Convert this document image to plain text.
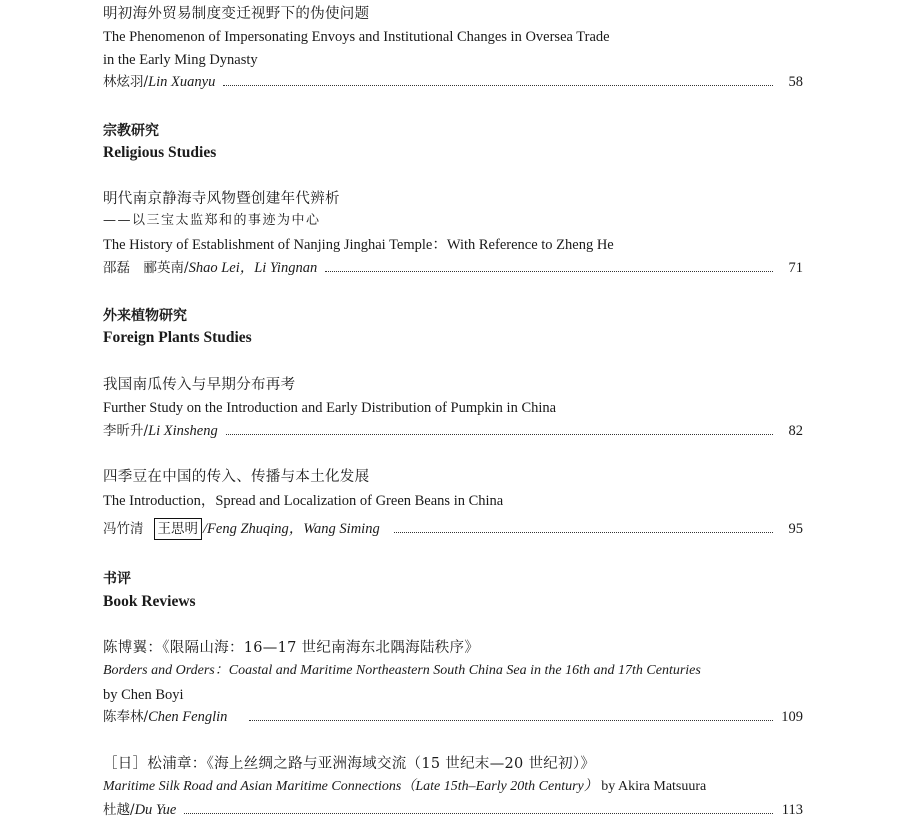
明初海外贸易制度变迁视野下的伪使问题
The Phenomenon of Impersonating Envoys and Institutional Changes in Oversea Trade
in the Early Ming Dynasty
林炫羽/ Lin Xuanyu	58
宗教研究
Religious Studies
明代南京静海寺风物暨创建年代辨析
——以三宝太监郑和的事迹为中心
The History of Establishment of Nanjing Jinghai Temple：With Reference to Zheng He
邵磊　郦英南/ Shao Lei，Li Yingnan	71
外来植物研究
Foreign Plants Studies
我国南瓜传入与早期分布再考
Further Study on the Introduction and Early Distribution of Pumpkin in China
李昕升/ Li Xinsheng	82
四季豆在中国的传入、传播与本土化发展
The Introduction，Spread and Localization of Green Beans in China
冯竹清 王思明 /Feng Zhuqing，Wang Siming	95
书评
Book Reviews
陈博翼：《限隔山海：16—17 世纪南海东北隅海陆秩序》
Borders and Orders：Coastal and Maritime Northeastern South China Sea in the 16th and 17th Centuries
by Chen Boyi
陈奉林/ Chen Fenglin	109
［日］松浦章：《海上丝绸之路与亚洲海域交流（15 世纪末—20 世纪初）》
Maritime Silk Road and Asian Maritime Connections（Late 15th–Early 20th Century） by Akira Matsuura
杜越/ Du Yue	113
